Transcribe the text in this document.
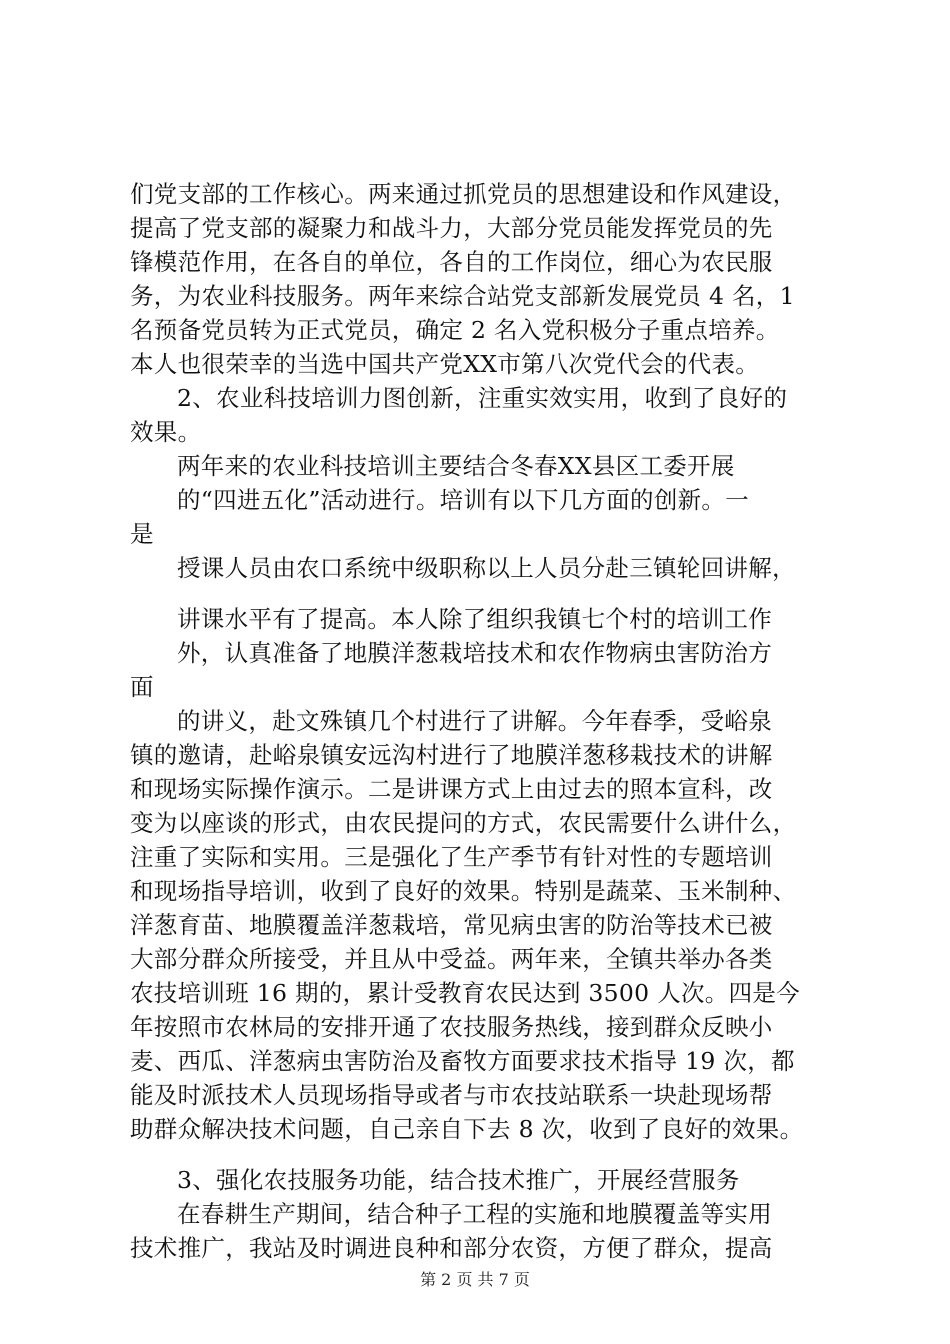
们党支部的工作核心。两来通过抓党员的思想建设和作风建设，
提高了党支部的凝聚力和战斗力，大部分党员能发挥党员的先
锋模范作用，在各自的单位，各自的工作岗位，细心为农民服
务，为农业科技服务。两年来综合站党支部新发展党员 4 名，1
名预备党员转为正式党员，确定 2 名入党积极分子重点培养。
本人也很荣幸的当选中国共产党XX市第八次党代会的代表。
2、农业科技培训力图创新，注重实效实用，收到了良好的
效果。
两年来的农业科技培训主要结合冬春XX县区工委开展
的“四进五化”活动进行。培训有以下几方面的创新。一
是
授课人员由农口系统中级职称以上人员分赴三镇轮回讲解，
讲课水平有了提高。本人除了组织我镇七个村的培训工作
外，认真准备了地膜洋葱栽培技术和农作物病虫害防治方
面
的讲义，赴文殊镇几个村进行了讲解。今年春季，受峪泉
镇的邀请，赴峪泉镇安远沟村进行了地膜洋葱移栽技术的讲解
和现场实际操作演示。二是讲课方式上由过去的照本宣科，改
变为以座谈的形式，由农民提问的方式，农民需要什么讲什么，
注重了实际和实用。三是强化了生产季节有针对性的专题培训
和现场指导培训，收到了良好的效果。特别是蔬菜、玉米制种、
洋葱育苗、地膜覆盖洋葱栽培，常见病虫害的防治等技术已被
大部分群众所接受，并且从中受益。两年来，全镇共举办各类
农技培训班 16 期的，累计受教育农民达到 3500 人次。四是今
年按照市农林局的安排开通了农技服务热线，接到群众反映小
麦、西瓜、洋葱病虫害防治及畜牧方面要求技术指导 19 次，都
能及时派技术人员现场指导或者与市农技站联系一块赴现场帮
助群众解决技术问题，自己亲自下去 8 次，收到了良好的效果。
3、强化农技服务功能，结合技术推广，开展经营服务
在春耕生产期间，结合种子工程的实施和地膜覆盖等实用
技术推广，我站及时调进良种和部分农资，方便了群众，提高
第 2 页 共 7 页
